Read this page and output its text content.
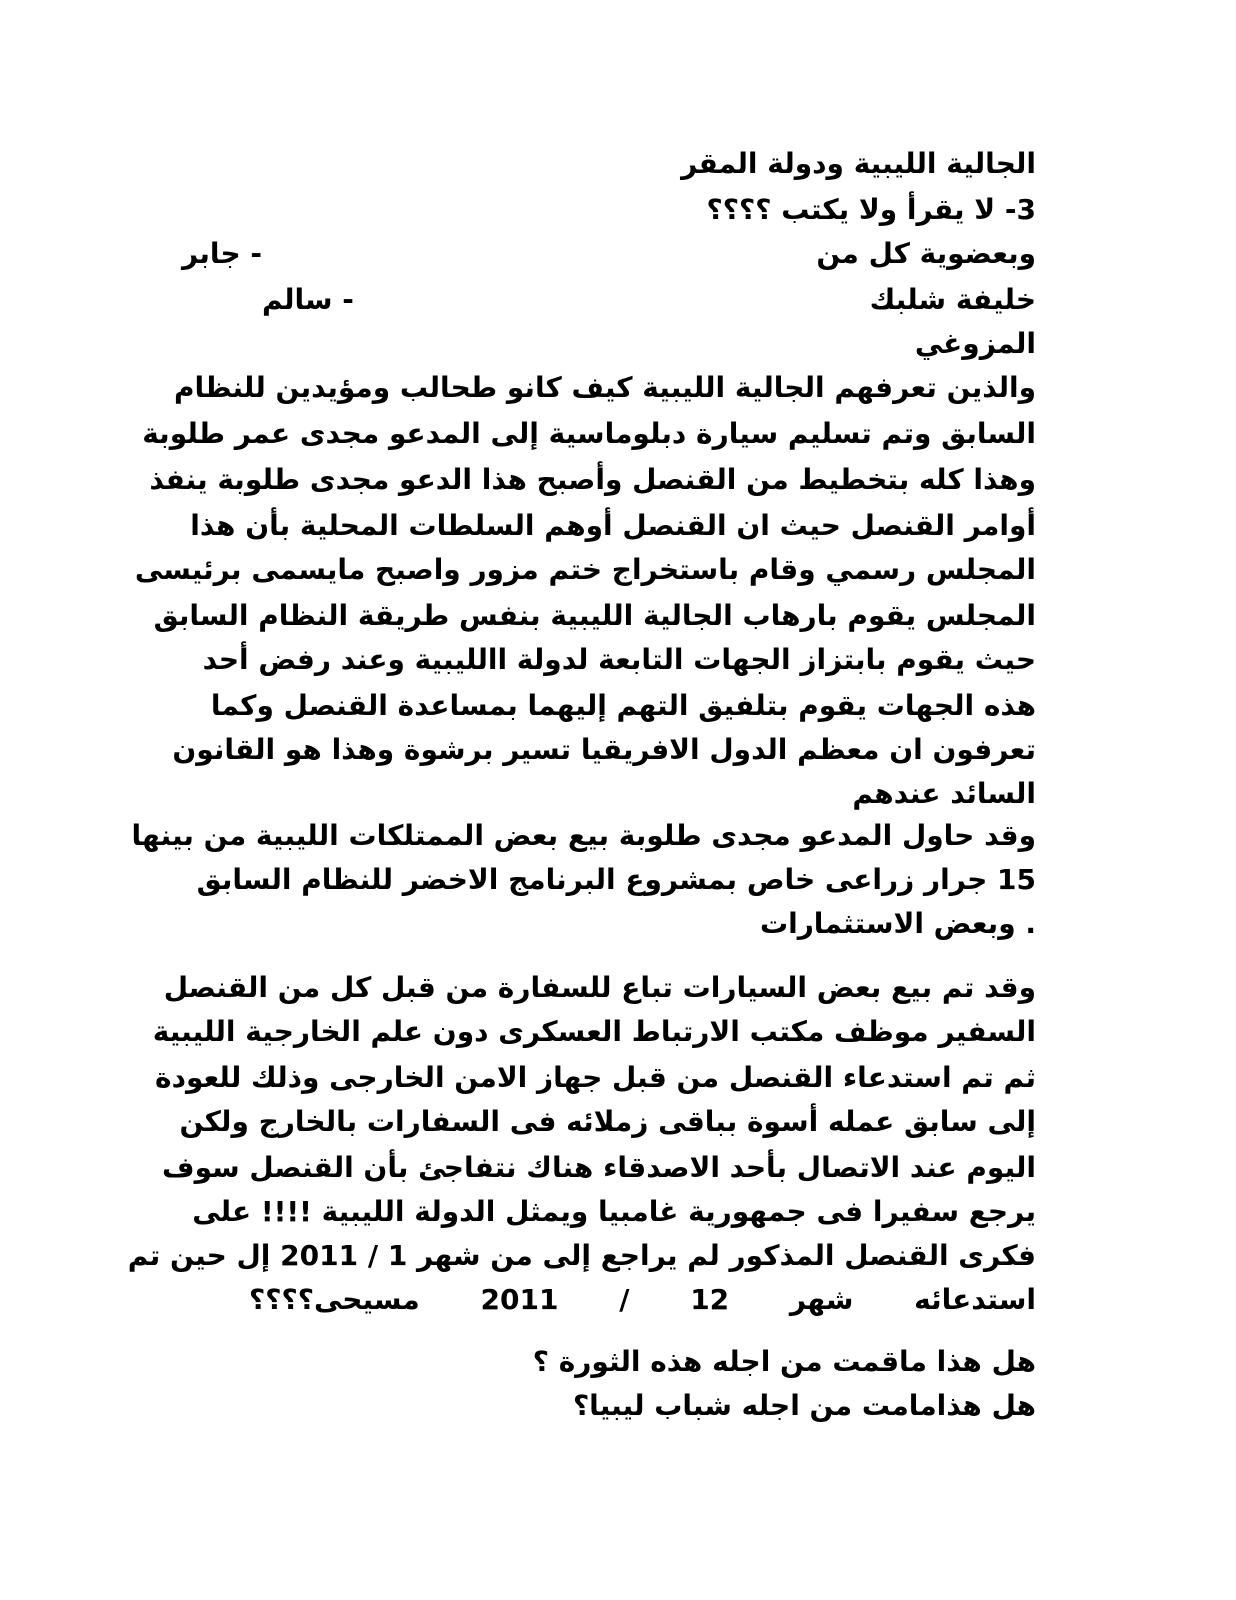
الجالية الليبية ودولة المقر
3- لا يقرأ ولا يكتب ؟؟؟؟
وبعضوية كل من
- جابر
خليفة شلبك
- سالم
المزوغي
والذين تعرفهم الجالية الليبية كيف كانو طحالب ومؤيدين للنظام
السابق وتم تسليم سيارة دبلوماسية إلى المدعو مجدى عمر طلوبة
وهذا كله بتخطيط من القنصل وأصبح هذا الدعو مجدى طلوبة ينفذ
أوامر القنصل حيث ان القنصل أوهم السلطات المحلية بأن هذا
المجلس رسمي وقام باستخراج ختم مزور واصبح مايسمى برئيسى
المجلس يقوم بارهاب الجالية الليبية بنفس طريقة النظام السابق
حيث يقوم بابتزاز الجهات التابعة لدولة االليبية وعند رفض أحد
هذه الجهات يقوم بتلفيق التهم إليهما بمساعدة القنصل وكما
تعرفون ان معظم الدول الافريقيا تسير برشوة وهذا هو القانون
السائد عندهم
وقد حاول المدعو مجدى طلوبة بيع بعض الممتلكات الليبية من بينها
15 جرار زراعى خاص بمشروع البرنامج الاخضر للنظام السابق
. وبعض الاستثمارات
وقد تم بيع بعض السيارات تباع للسفارة من قبل كل من القنصل
السفير موظف مكتب الارتباط العسكرى دون علم الخارجية الليبية
ثم تم استدعاء القنصل من قبل جهاز الامن الخارجى وذلك للعودة
إلى سابق عمله أسوة بباقى زملائه فى السفارات بالخارج ولكن
اليوم عند الاتصال بأحد الاصدقاء هناك نتفاجئ بأن القنصل سوف
يرجع سفيرا فى جمهورية غامبيا ويمثل الدولة الليبية !!!! على
فكرى القنصل المذكور لم يراجع إلى من شهر 1 / 2011 إل حين تم
استدعائه شهر 12 / 2011 مسيحى؟؟؟؟
هل هذا ماقمت من اجله هذه الثورة ؟
هل هذامامت من اجله شباب ليبيا؟
